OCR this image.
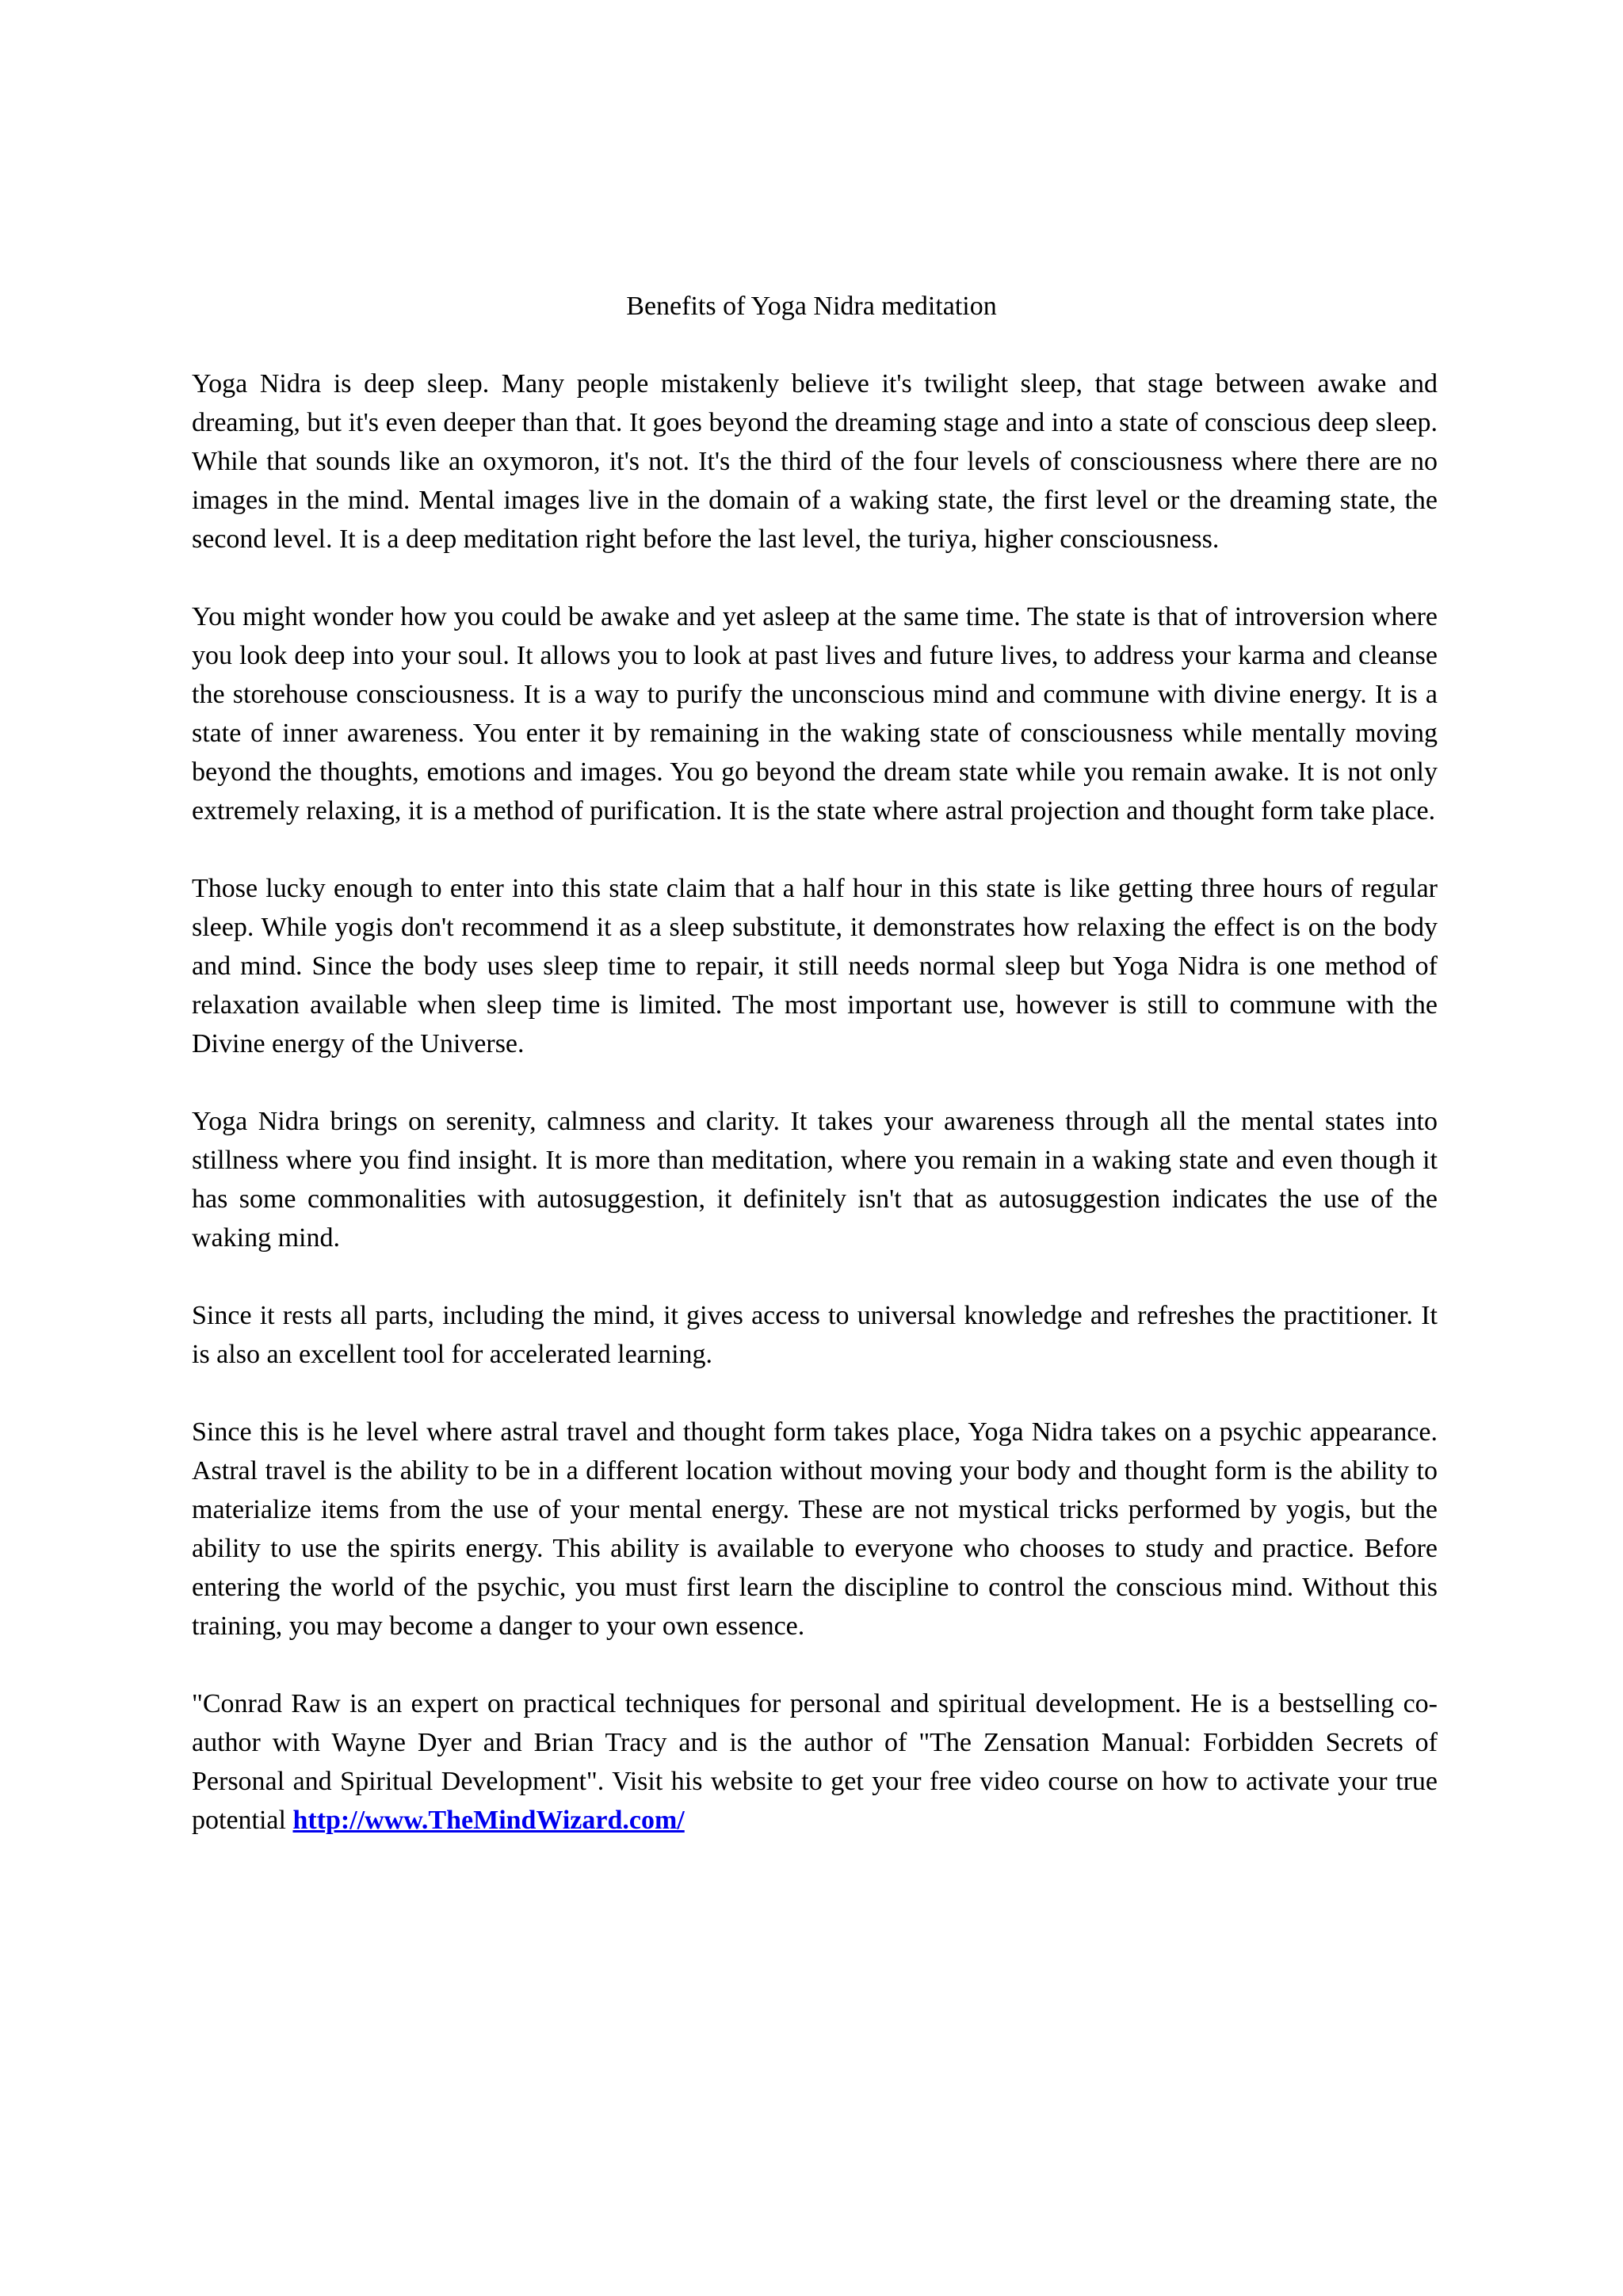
Benefits of Yoga Nidra meditation

Yoga Nidra is deep sleep. Many people mistakenly believe it's twilight sleep, that stage between awake and dreaming, but it's even deeper than that. It goes beyond the dreaming stage and into a state of conscious deep sleep. While that sounds like an oxymoron, it's not. It's the third of the four levels of consciousness where there are no images in the mind. Mental images live in the domain of a waking state, the first level or the dreaming state, the second level. It is a deep meditation right before the last level, the turiya, higher consciousness.

You might wonder how you could be awake and yet asleep at the same time. The state is that of introversion where you look deep into your soul. It allows you to look at past lives and future lives, to address your karma and cleanse the storehouse consciousness. It is a way to purify the unconscious mind and commune with divine energy. It is a state of inner awareness. You enter it by remaining in the waking state of consciousness while mentally moving beyond the thoughts, emotions and images. You go beyond the dream state while you remain awake. It is not only extremely relaxing, it is a method of purification. It is the state where astral projection and thought form take place.

Those lucky enough to enter into this state claim that a half hour in this state is like getting three hours of regular sleep. While yogis don't recommend it as a sleep substitute, it demonstrates how relaxing the effect is on the body and mind. Since the body uses sleep time to repair, it still needs normal sleep but Yoga Nidra is one method of relaxation available when sleep time is limited. The most important use, however is still to commune with the Divine energy of the Universe.

Yoga Nidra brings on serenity, calmness and clarity. It takes your awareness through all the mental states into stillness where you find insight. It is more than meditation, where you remain in a waking state and even though it has some commonalities with autosuggestion, it definitely isn't that as autosuggestion indicates the use of the waking mind.

Since it rests all parts, including the mind, it gives access to universal knowledge and refreshes the practitioner. It is also an excellent tool for accelerated learning.

Since this is he level where astral travel and thought form takes place, Yoga Nidra takes on a psychic appearance. Astral travel is the ability to be in a different location without moving your body and thought form is the ability to materialize items from the use of your mental energy. These are not mystical tricks performed by yogis, but the ability to use the spirits energy. This ability is available to everyone who chooses to study and practice. Before entering the world of the psychic, you must first learn the discipline to control the conscious mind. Without this training, you may become a danger to your own essence.

"Conrad Raw is an expert on practical techniques for personal and spiritual development. He is a bestselling co-author with Wayne Dyer and Brian Tracy and is the author of "The Zensation Manual: Forbidden Secrets of Personal and Spiritual Development". Visit his website to get your free video course on how to activate your true potential http://www.TheMindWizard.com/
